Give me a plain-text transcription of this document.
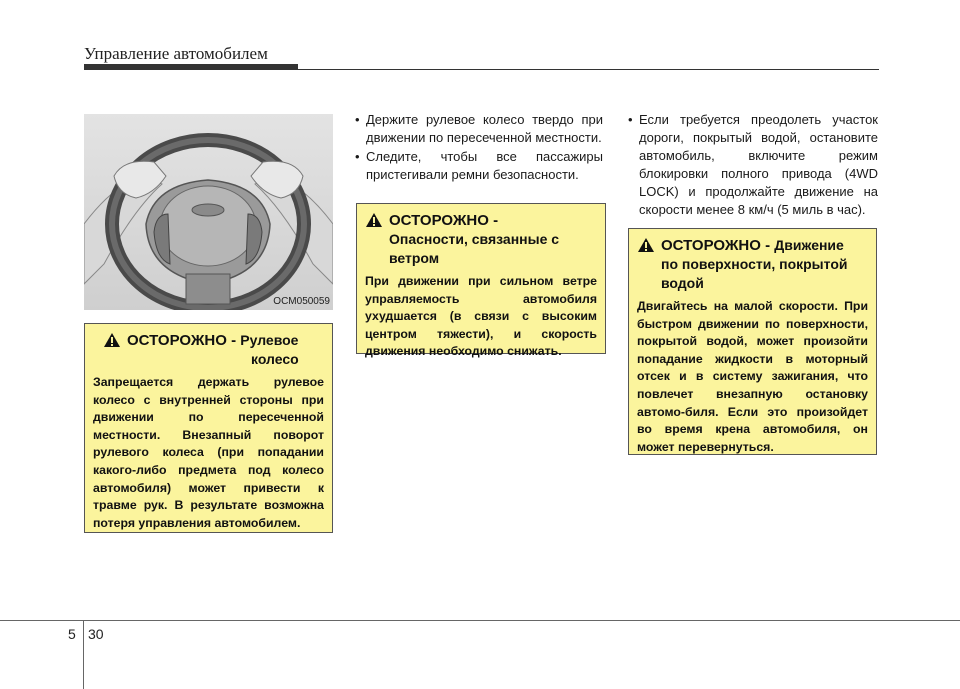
Управление автомобилем
OCM050059
ОСТОРОЖНО - Рулевое
колесо
Запрещается держать рулевое колесо с внутренней стороны при движении по пересеченной местности. Внезапный поворот рулевого колеса (при попадании какого-либо предмета под колесо автомобиля) может привести к травме рук. В результате возможна потеря управления автомобилем.
• Держите рулевое колесо твердо при движении по пересеченной местности.
• Следите, чтобы все пассажиры пристегивали ремни безопасности.
ОСТОРОЖНО -
Опасности, связанные с ветром
При движении при сильном ветре управляемость автомобиля ухудшается (в связи с высоким центром тяжести), и скорость движения необходимо снижать.
• Если требуется преодолеть участок дороги, покрытый водой, остановите автомобиль, включите режим блокировки полного привода (4WD LOCK) и продолжайте движение на скорости менее 8 км/ч (5 миль в час).
ОСТОРОЖНО - Движение
по поверхности, покрытой водой
Двигайтесь на малой скорости. При быстром движении по поверхности, покрытой водой, может произойти попадание жидкости в моторный отсек и в систему зажигания, что повлечет внезапную остановку автомо-биля. Если это произойдет во время крена автомобиля, он может перевернуться.
5 30
